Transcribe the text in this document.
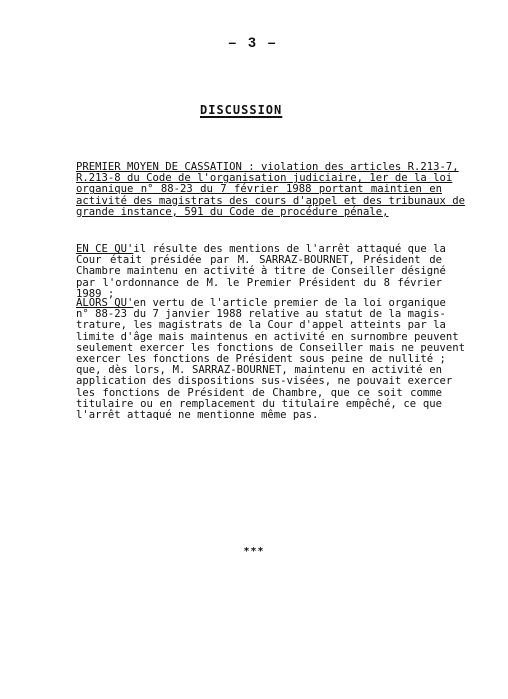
– 3 –
DISCUSSION
PREMIER MOYEN DE CASSATION : violation des articles R.213-7,
R.213-8 du Code de l'organisation judiciaire, 1er de la loi
organique n° 88-23 du 7 février 1988 portant maintien en
activité des magistrats des cours d'appel et des tribunaux de
grande instance, 591 du Code de procédure pénale,
EN CE QU'il résulte des mentions de l'arrêt attaqué que la
Cour était présidée par M. SARRAZ-BOURNET, Président de
Chambre maintenu en activité à titre de Conseiller désigné
par l'ordonnance de M. le Premier Président du 8 février
1989 ;
ALORS QU'en vertu de l'article premier de la loi organique
n° 88-23 du 7 janvier 1988 relative au statut de la magis-
trature, les magistrats de la Cour d'appel atteints par la
limite d'âge mais maintenus en activité en surnombre peuvent
seulement exercer les fonctions de Conseiller mais ne peuvent
exercer les fonctions de Président sous peine de nullité ;
que, dès lors, M. SARRAZ-BOURNET, maintenu en activité en
application des dispositions sus-visées, ne pouvait exercer
les fonctions de Président de Chambre, que ce soit comme
titulaire ou en remplacement du titulaire empêché, ce que
l'arrêt attaqué ne mentionne même pas.
***
